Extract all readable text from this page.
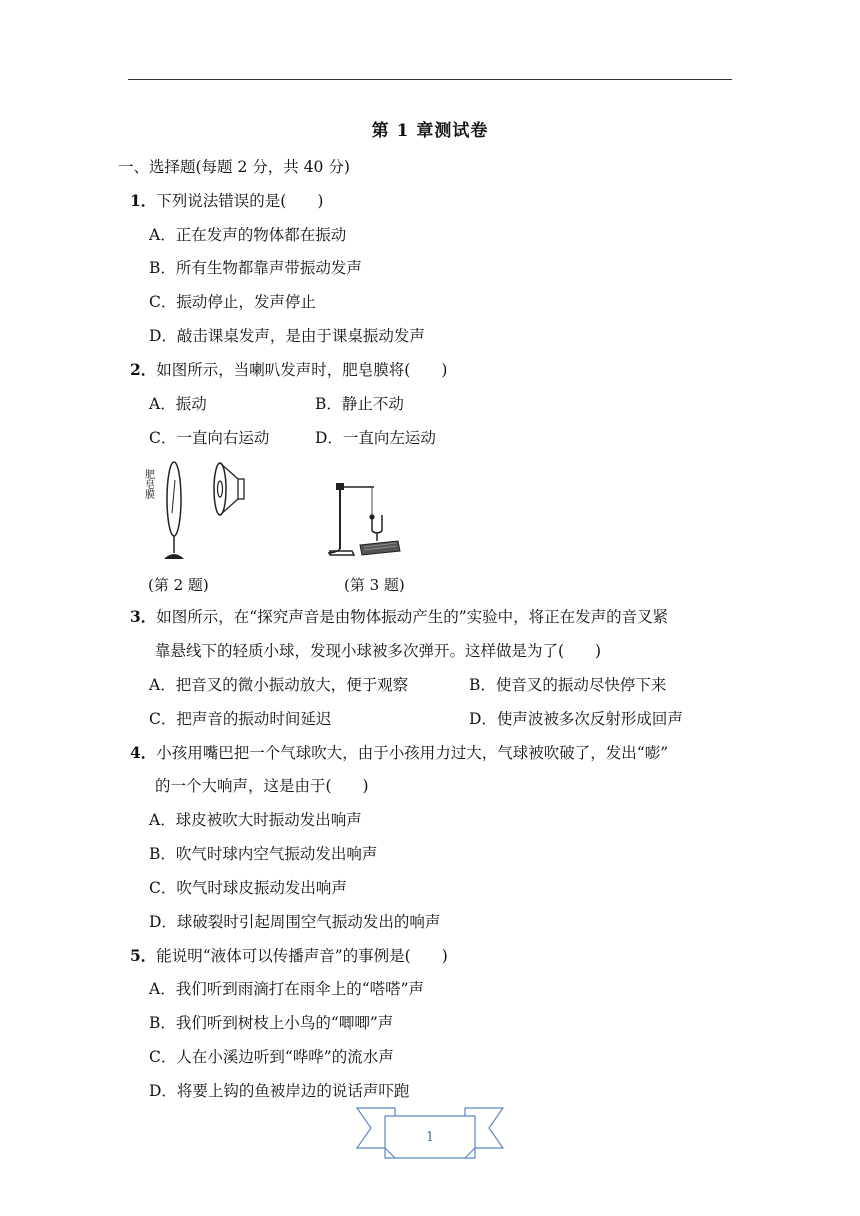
第 1 章测试卷
一、选择题(每题 2 分，共 40 分)
1．下列说法错误的是(　　)
A．正在发声的物体都在振动
B．所有生物都靠声带振动发声
C．振动停止，发声停止
D．敲击课桌发声，是由于课桌振动发声
2．如图所示，当喇叭发声时，肥皂膜将(　　)
A．振动	B．静止不动
C．一直向右运动	D．一直向左运动
肥皂膜
(第 2 题)	(第 3 题)
3．如图所示，在“探究声音是由物体振动产生的”实验中，将正在发声的音叉紧
靠悬线下的轻质小球，发现小球被多次弹开。这样做是为了(　　)
A．把音叉的微小振动放大，便于观察	B．使音叉的振动尽快停下来
C．把声音的振动时间延迟	D．使声波被多次反射形成回声
4．小孩用嘴巴把一个气球吹大，由于小孩用力过大，气球被吹破了，发出“嘭”
的一个大响声，这是由于(　　)
A．球皮被吹大时振动发出响声
B．吹气时球内空气振动发出响声
C．吹气时球皮振动发出响声
D．球破裂时引起周围空气振动发出的响声
5．能说明“液体可以传播声音”的事例是(　　)
A．我们听到雨滴打在雨伞上的“嗒嗒”声
B．我们听到树枝上小鸟的“唧唧”声
C．人在小溪边听到“哗哗”的流水声
D．将要上钩的鱼被岸边的说话声吓跑
1
